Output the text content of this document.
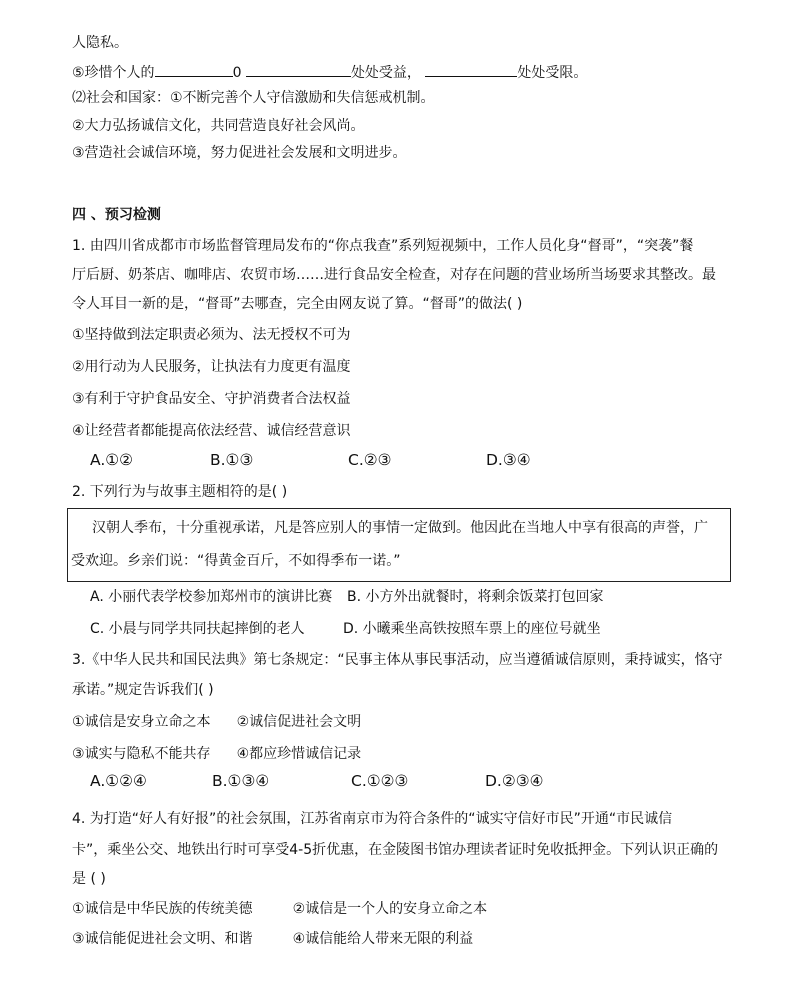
人隐私。
⑤珍惜个人的	0	处处受益，	处处受限。
⑵社会和国家：①不断完善个人守信激励和失信惩戒机制。
②大力弘扬诚信文化，共同营造良好社会风尚。
③营造社会诚信环境，努力促进社会发展和文明进步。
四 、预习检测
1. 由四川省成都市市场监督管理局发布的“你点我查”系列短视频中，工作人员化身“督哥”，“突袭”餐
厅后厨、奶茶店、咖啡店、农贸市场……进行食品安全检查，对存在问题的营业场所当场要求其整改。最
令人耳目一新的是，“督哥”去哪查，完全由网友说了算。“督哥”的做法( )
①坚持做到法定职责必须为、法无授权不可为
②用行动为人民服务，让执法有力度更有温度
③有利于守护食品安全、守护消费者合法权益
④让经营者都能提高依法经营、诚信经营意识
A.①②	B.①③	C.②③	D.③④
2. 下列行为与故事主题相符的是( )
汉朝人季布，十分重视承诺，凡是答应别人的事情一定做到。他因此在当地人中享有很高的声誉，广
受欢迎。乡亲们说：“得黄金百斤，不如得季布一诺。”
A. 小丽代表学校参加郑州市的演讲比赛 B. 小方外出就餐时，将剩余饭菜打包回家
C. 小晨与同学共同扶起摔倒的老人	D. 小曦乘坐高铁按照车票上的座位号就坐
3.《中华人民共和国民法典》第七条规定：“民事主体从事民事活动，应当遵循诚信原则，秉持诚实，恪守
承诺。”规定告诉我们( )
①诚信是安身立命之本 ②诚信促进社会文明
③诚实与隐私不能共存 ④都应珍惜诚信记录
A.①②④	B.①③④	C.①②③	D.②③④
4. 为打造“好人有好报”的社会氛围，江苏省南京市为符合条件的“诚实守信好市民”开通“市民诚信
卡”，乘坐公交、地铁出行时可享受4-5折优惠，在金陵图书馆办理读者证时免收抵押金。下列认识正确的
是 ( )
①诚信是中华民族的传统美德	②诚信是一个人的安身立命之本
③诚信能促进社会文明、和谐	④诚信能给人带来无限的利益
